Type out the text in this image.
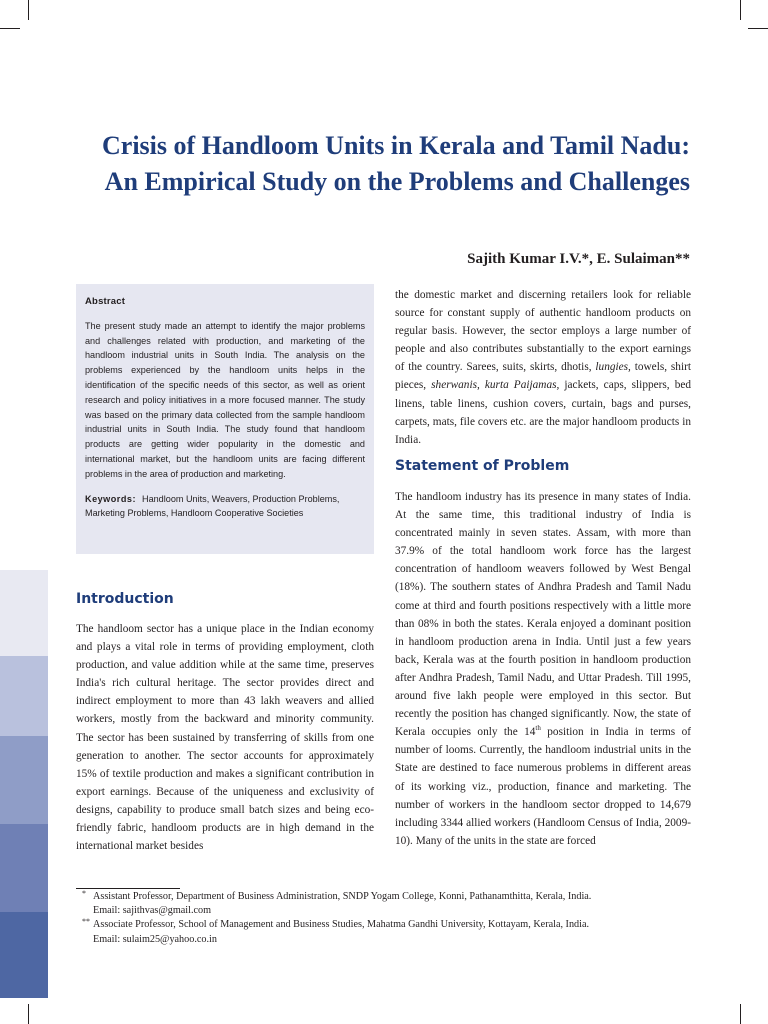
Crisis of Handloom Units in Kerala and Tamil Nadu: An Empirical Study on the Problems and Challenges

Sajith Kumar I.V.*, E. Sulaiman**

Abstract

The present study made an attempt to identify the major problems and challenges related with production, and marketing of the handloom industrial units in South India. The analysis on the problems experienced by the handloom units helps in the identification of the specific needs of this sector, as well as orient research and policy initiatives in a more focused manner. The study was based on the primary data collected from the sample handloom industrial units in South India. The study found that handloom products are getting wider popularity in the domestic and international market, but the handloom units are facing different problems in the area of production and marketing.

Keywords: Handloom Units, Weavers, Production Problems, Marketing Problems, Handloom Cooperative Societies

Introduction

The handloom sector has a unique place in the Indian economy and plays a vital role in terms of providing employment, cloth production, and value addition while at the same time, preserves India's rich cultural heritage. The sector provides direct and indirect employment to more than 43 lakh weavers and allied workers, mostly from the backward and minority community. The sector has been sustained by transferring of skills from one generation to another. The sector accounts for approximately 15% of textile production and makes a significant contribution in export earnings. Because of the uniqueness and exclusivity of designs, capability to produce small batch sizes and being eco-friendly fabric, handloom products are in high demand in the international market besides

the domestic market and discerning retailers look for reliable source for constant supply of authentic handloom products on regular basis. However, the sector employs a large number of people and also contributes substantially to the export earnings of the country. Sarees, suits, skirts, dhotis, lungies, towels, shirt pieces, sherwanis, kurta Paijamas, jackets, caps, slippers, bed linens, table linens, cushion covers, curtain, bags and purses, carpets, mats, file covers etc. are the major handloom products in India.

Statement of Problem

The handloom industry has its presence in many states of India. At the same time, this traditional industry of India is concentrated mainly in seven states. Assam, with more than 37.9% of the total handloom work force has the largest concentration of handloom weavers followed by West Bengal (18%). The southern states of Andhra Pradesh and Tamil Nadu come at third and fourth positions respectively with a little more than 08% in both the states. Kerala enjoyed a dominant position in handloom production arena in India. Until just a few years back, Kerala was at the fourth position in handloom production after Andhra Pradesh, Tamil Nadu, and Uttar Pradesh. Till 1995, around five lakh people were employed in this sector. But recently the position has changed significantly. Now, the state of Kerala occupies only the 14th position in India in terms of number of looms. Currently, the handloom industrial units in the State are destined to face numerous problems in different areas of its working viz., production, finance and marketing. The number of workers in the handloom sector dropped to 14,679 including 3344 allied workers (Handloom Census of India, 2009-10). Many of the units in the state are forced

* Assistant Professor, Department of Business Administration, SNDP Yogam College, Konni, Pathanamthitta, Kerala, India.
Email: sajithvas@gmail.com
** Associate Professor, School of Management and Business Studies, Mahatma Gandhi University, Kottayam, Kerala, India.
Email: sulaim25@yahoo.co.in
